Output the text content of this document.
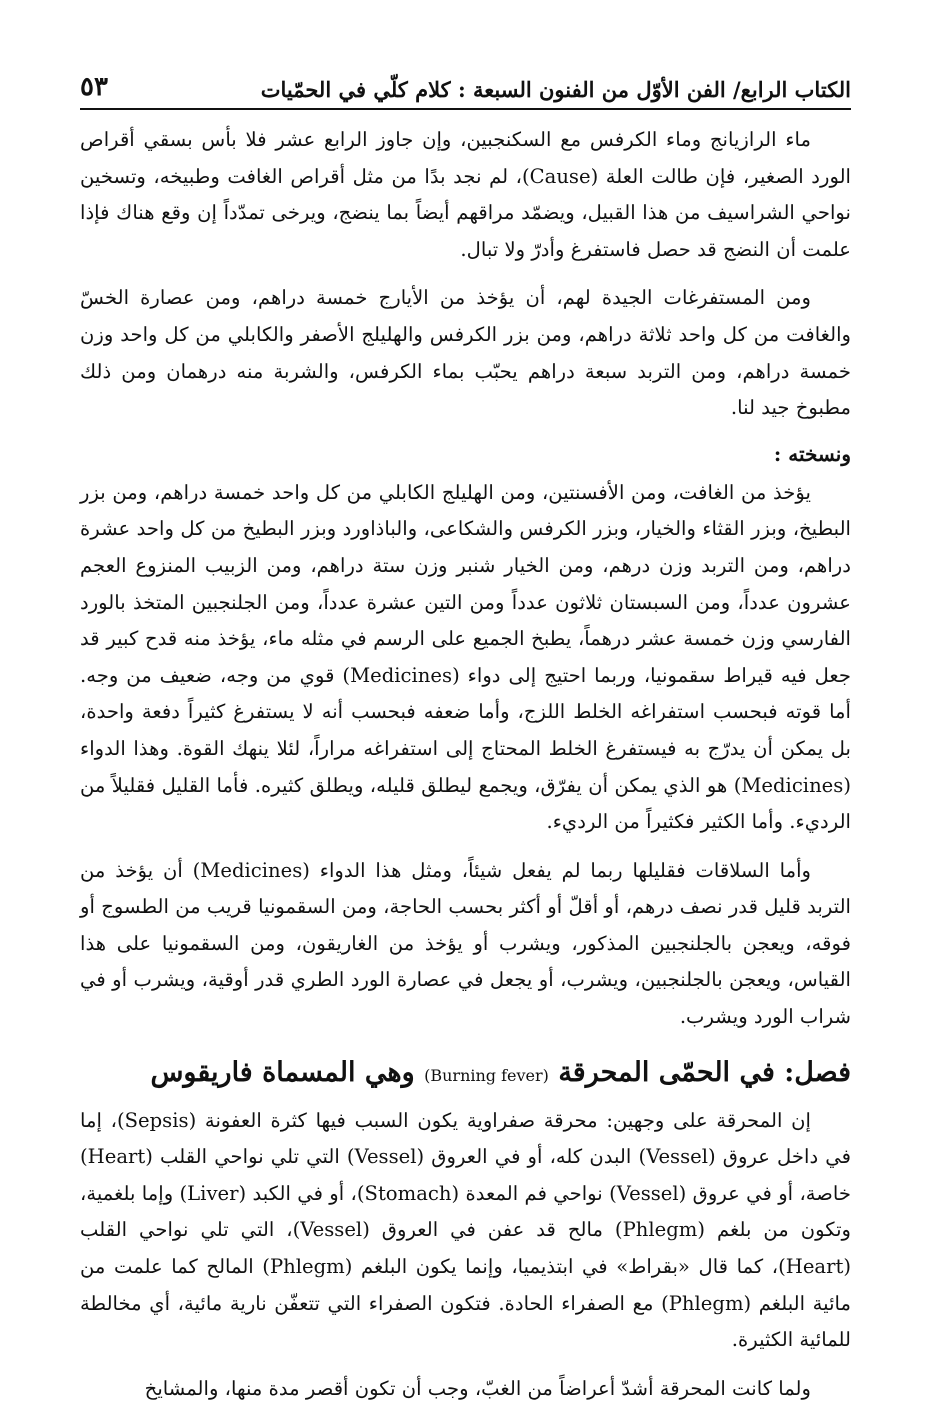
الكتاب الرابع/ الفن الأوّل من الفنون السبعة : كلام كلّي في الحمّيات
٥٣

ماء الرازيانج وماء الكرفس مع السكنجبين، وإن جاوز الرابع عشر فلا بأس بسقي أقراص الورد الصغير، فإن طالت العلة (Cause)، لم نجد بدًا من مثل أقراص الغافت وطبيخه، وتسخين نواحي الشراسيف من هذا القبيل، ويضمّد مراقهم أيضاً بما ينضج، ويرخى تمدّداً إن وقع هناك فإذا علمت أن النضج قد حصل فاستفرغ وأدرّ ولا تبال.

ومن المستفرغات الجيدة لهم، أن يؤخذ من الأيارج خمسة دراهم، ومن عصارة الخسّ والغافت من كل واحد ثلاثة دراهم، ومن بزر الكرفس والهليلج الأصفر والكابلي من كل واحد وزن خمسة دراهم، ومن التربد سبعة دراهم يحبّب بماء الكرفس، والشربة منه درهمان ومن ذلك مطبوخ جيد لنا.

ونسخته :

يؤخذ من الغافت، ومن الأفسنتين، ومن الهليلج الكابلي من كل واحد خمسة دراهم، ومن بزر البطيخ، وبزر القثاء والخيار، وبزر الكرفس والشكاعى، والباذاورد وبزر البطيخ من كل واحد عشرة دراهم، ومن التربد وزن درهم، ومن الخيار شنبر وزن ستة دراهم، ومن الزبيب المنزوع العجم عشرون عدداً، ومن السبستان ثلاثون عدداً ومن التين عشرة عدداً، ومن الجلنجبين المتخذ بالورد الفارسي وزن خمسة عشر درهماً، يطبخ الجميع على الرسم في مثله ماء، يؤخذ منه قدح كبير قد جعل فيه قيراط سقمونيا، وربما احتيج إلى دواء (Medicines) قوي من وجه، ضعيف من وجه. أما قوته فبحسب استفراغه الخلط اللزج، وأما ضعفه فبحسب أنه لا يستفرغ كثيراً دفعة واحدة، بل يمكن أن يدرّج به فيستفرغ الخلط المحتاج إلى استفراغه مراراً، لئلا ينهك القوة. وهذا الدواء (Medicines) هو الذي يمكن أن يفرّق، ويجمع ليطلق قليله، ويطلق كثيره. فأما القليل فقليلاً من الرديء. وأما الكثير فكثيراً من الرديء.

وأما السلاقات فقليلها ربما لم يفعل شيئاً، ومثل هذا الدواء (Medicines) أن يؤخذ من التربد قليل قدر نصف درهم، أو أقلّ أو أكثر بحسب الحاجة، ومن السقمونيا قريب من الطسوج أو فوقه، ويعجن بالجلنجبين المذكور، ويشرب أو يؤخذ من الغاريقون، ومن السقمونيا على هذا القياس، ويعجن بالجلنجبين، ويشرب، أو يجعل في عصارة الورد الطري قدر أوقية، ويشرب أو في شراب الورد ويشرب.

فصل: في الحمّى المحرقة (Burning fever) وهي المسماة فاريقوس

إن المحرقة على وجهين: محرقة صفراوية يكون السبب فيها كثرة العفونة (Sepsis)، إما في داخل عروق (Vessel) البدن كله، أو في العروق (Vessel) التي تلي نواحي القلب (Heart) خاصة، أو في عروق (Vessel) نواحي فم المعدة (Stomach)، أو في الكبد (Liver) وإما بلغمية، وتكون من بلغم (Phlegm) مالح قد عفن في العروق (Vessel)، التي تلي نواحي القلب (Heart)، كما قال «بقراط» في ابتذيميا، وإنما يكون البلغم (Phlegm) المالح كما علمت من مائية البلغم (Phlegm) مع الصفراء الحادة. فتكون الصفراء التي تتعفّن نارية مائية، أي مخالطة للمائية الكثيرة.

ولما كانت المحرقة أشدّ أعراضاً من الغبّ، وجب أن تكون أقصر مدة منها، والمشايخ
